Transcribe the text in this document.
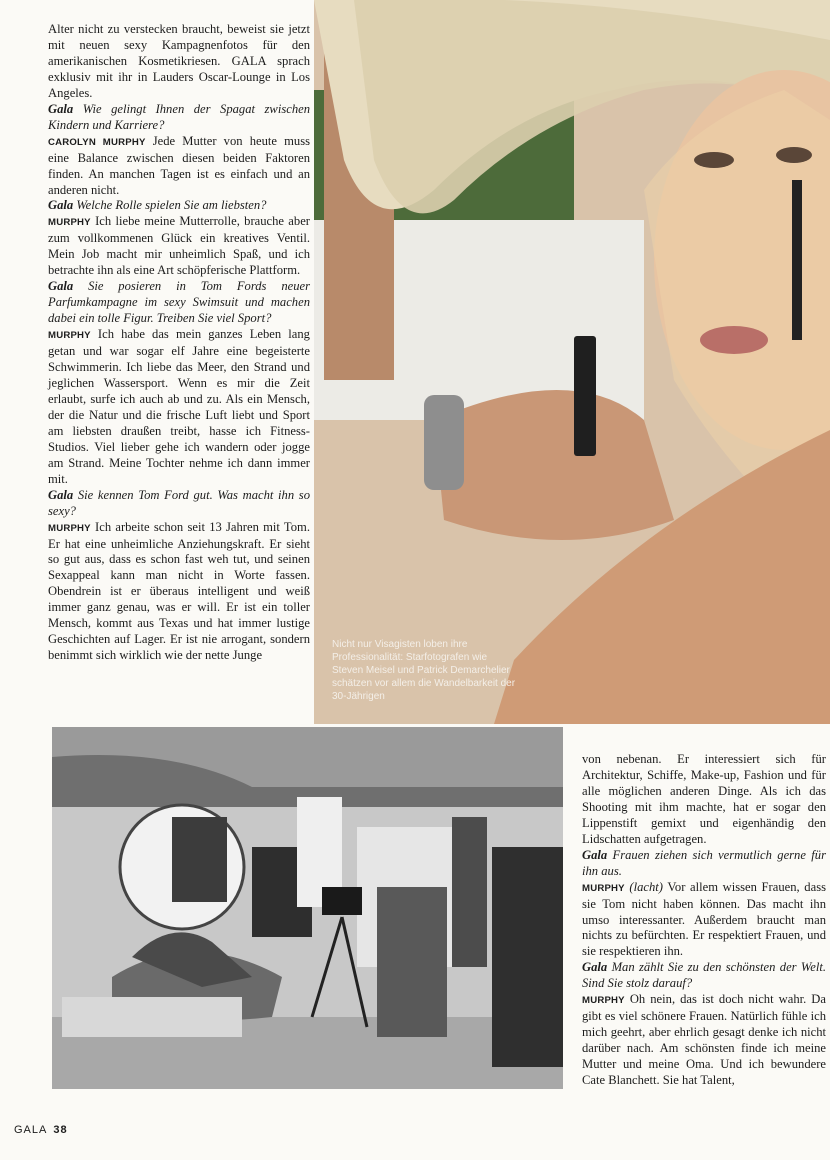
Nicht nur Visagisten loben ihre Professionalität: Starfotografen wie Steven Meisel und Patrick Demarchelier schätzen vor allem die Wandelbarkeit der 30-Jährigen
Alter nicht zu verstecken braucht, beweist sie jetzt mit neuen sexy Kampagnenfotos für den amerikanischen Kosmetikriesen. GALA sprach exklusiv mit ihr in Lauders Oscar-Lounge in Los Angeles.
Gala Wie gelingt Ihnen der Spagat zwischen Kindern und Karriere?
CAROLYN MURPHY Jede Mutter von heute muss eine Balance zwischen diesen beiden Faktoren finden. An manchen Tagen ist es einfach und an anderen nicht.
Gala Welche Rolle spielen Sie am liebsten?
MURPHY Ich liebe meine Mutterrolle, brauche aber zum vollkommenen Glück ein kreatives Ventil. Mein Job macht mir unheimlich Spaß, und ich betrachte ihn als eine Art schöpferische Plattform.
Gala Sie posieren in Tom Fords neuer Parfumkampagne im sexy Swimsuit und machen dabei ein tolle Figur. Treiben Sie viel Sport?
MURPHY Ich habe das mein ganzes Leben lang getan und war sogar elf Jahre eine begeisterte Schwimmerin. Ich liebe das Meer, den Strand und jeglichen Wassersport. Wenn es mir die Zeit erlaubt, surfe ich auch ab und zu. Als ein Mensch, der die Natur und die frische Luft liebt und Sport am liebsten draußen treibt, hasse ich Fitness-Studios. Viel lieber gehe ich wandern oder jogge am Strand. Meine Tochter nehme ich dann immer mit.
Gala Sie kennen Tom Ford gut. Was macht ihn so sexy?
MURPHY Ich arbeite schon seit 13 Jahren mit Tom. Er hat eine unheimliche Anziehungskraft. Er sieht so gut aus, dass es schon fast weh tut, und seinen Sexappeal kann man nicht in Worte fassen. Obendrein ist er überaus intelligent und weiß immer ganz genau, was er will. Er ist ein toller Mensch, kommt aus Texas und hat immer lustige Geschichten auf Lager. Er ist nie arrogant, sondern benimmt sich wirklich wie der nette Junge
von nebenan. Er interessiert sich für Architektur, Schiffe, Make-up, Fashion und für alle möglichen anderen Dinge. Als ich das Shooting mit ihm machte, hat er sogar den Lippenstift gemixt und eigenhändig den Lidschatten aufgetragen.
Gala Frauen ziehen sich vermutlich gerne für ihn aus.
MURPHY (lacht) Vor allem wissen Frauen, dass sie Tom nicht haben können. Das macht ihn umso interessanter. Außerdem braucht man nichts zu befürchten. Er respektiert Frauen, und sie respektieren ihn.
Gala Man zählt Sie zu den schönsten der Welt. Sind Sie stolz darauf?
MURPHY Oh nein, das ist doch nicht wahr. Da gibt es viel schönere Frauen. Natürlich fühle ich mich geehrt, aber ehrlich gesagt denke ich nicht darüber nach. Am schönsten finde ich meine Mutter und meine Oma. Und ich bewundere Cate Blanchett. Sie hat Talent,
GALA 38
